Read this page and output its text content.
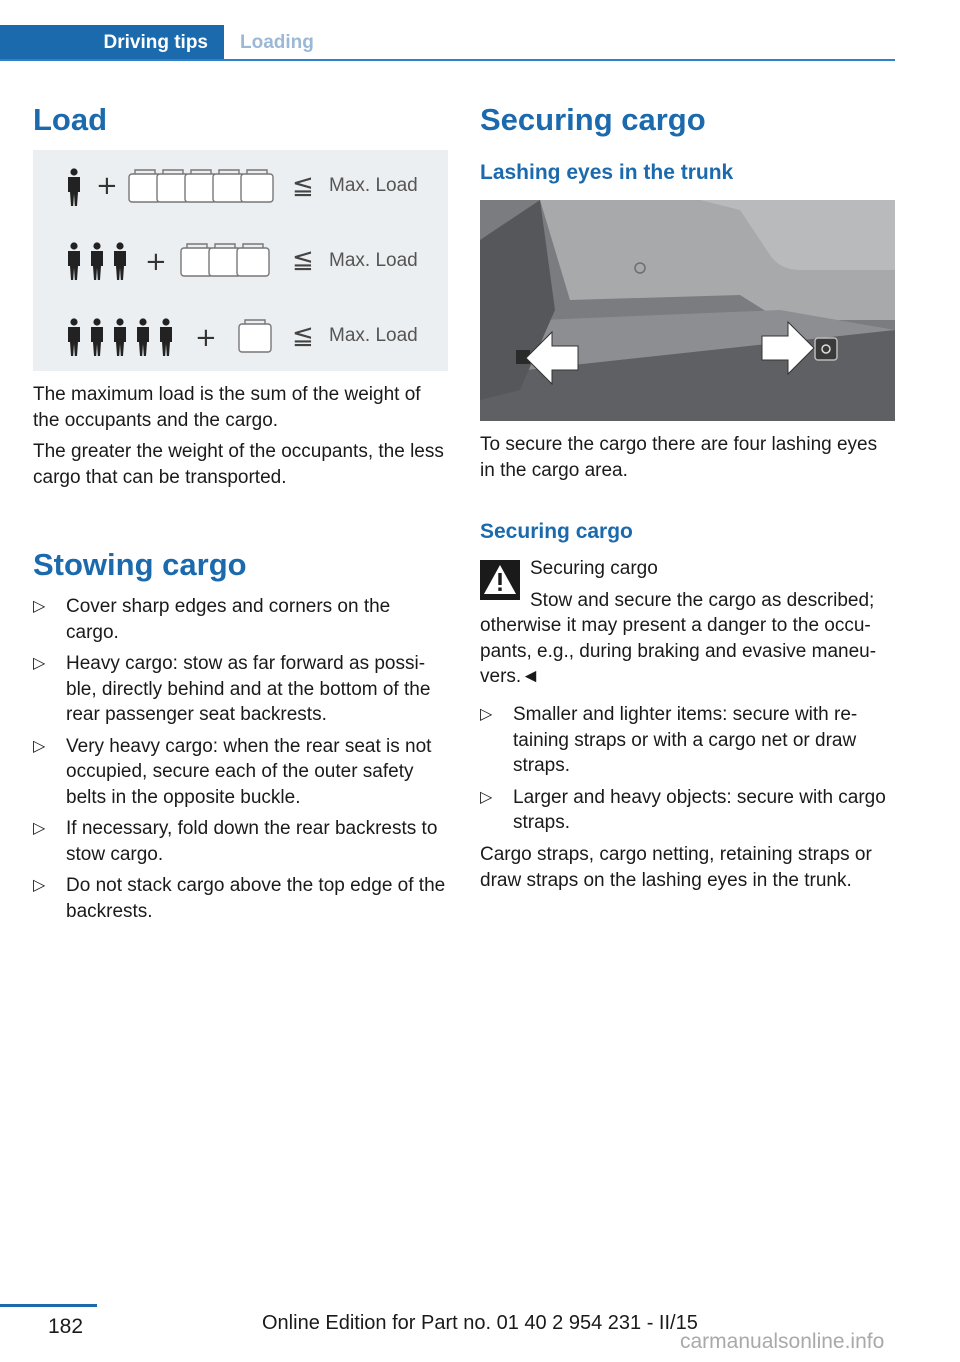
Driving tips Loading
Load
+	≦ Max. Load
+	≦ Max. Load
+	≦ Max. Load

The maximum load is the sum of the weight of the occupants and the cargo.

The greater the weight of the occupants, the less cargo that can be transported.

Stowing cargo
▷ Cover sharp edges and corners on the cargo.
▷ Heavy cargo: stow as far forward as possi‐ble, directly behind and at the bottom of the rear passenger seat backrests.
▷ Very heavy cargo: when the rear seat is not occupied, secure each of the outer safety belts in the opposite buckle.
▷ If necessary, fold down the rear backrests to stow cargo.
▷ Do not stack cargo above the top edge of the backrests.
Securing cargo
Lashing eyes in the trunk

To secure the cargo there are four lashing eyes in the cargo area.

Securing cargo

Securing cargo

Stow and secure the cargo as described;

otherwise it may present a danger to the occu‐pants, e.g., during braking and evasive maneu‐vers.◄

▷ Smaller and lighter items: secure with re‐taining straps or with a cargo net or draw straps.
▷ Larger and heavy objects: secure with cargo straps.

Cargo straps, cargo netting, retaining straps or draw straps on the lashing eyes in the trunk.

182	Online Edition for Part no. 01 40 2 954 231 - II/15
carmanualsonline.info
